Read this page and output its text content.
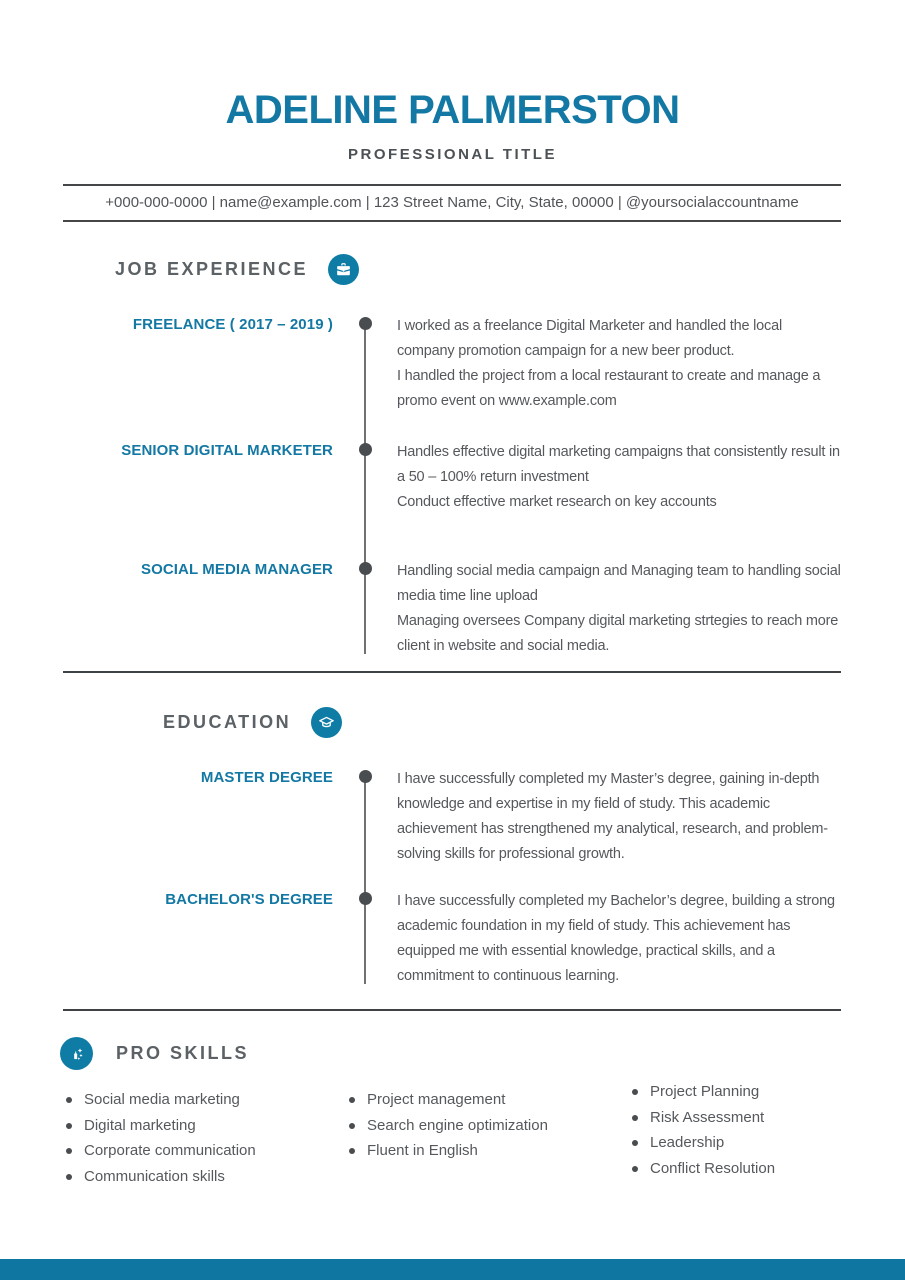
ADELINE PALMERSTON
PROFESSIONAL TITLE
+000-000-0000 | name@example.com | 123 Street Name, City, State, 00000 | @yoursocialaccountname
JOB EXPERIENCE
FREELANCE ( 2017 – 2019 )	I worked as a freelance Digital Marketer and handled the local company promotion campaign for a new beer product.

I handled the project from a local restaurant to create and manage a promo event on www.example.com

SENIOR DIGITAL MARKETER	Handles effective digital marketing campaigns that consistently result in a 50 – 100% return investment

Conduct effective market research on key accounts

SOCIAL MEDIA MANAGER	Handling social media campaign and Managing team to handling social media time line upload

Managing oversees Company digital marketing strtegies to reach more client in website and social media.

EDUCATION
MASTER DEGREE	I have successfully completed my Master’s degree, gaining in-depth knowledge and expertise in my field of study. This academic achievement has strengthened my analytical, research, and problem-solving skills for professional growth.

BACHELOR'S DEGREE	I have successfully completed my Bachelor’s degree, building a strong academic foundation in my field of study. This achievement has equipped me with essential knowledge, practical skills, and a commitment to continuous learning.

PRO SKILLS
Social media marketing
Digital marketing
Corporate communication
Communication skills
Project management
Search engine optimization
Fluent in English
Project Planning
Risk Assessment
Leadership
Conflict Resolution
